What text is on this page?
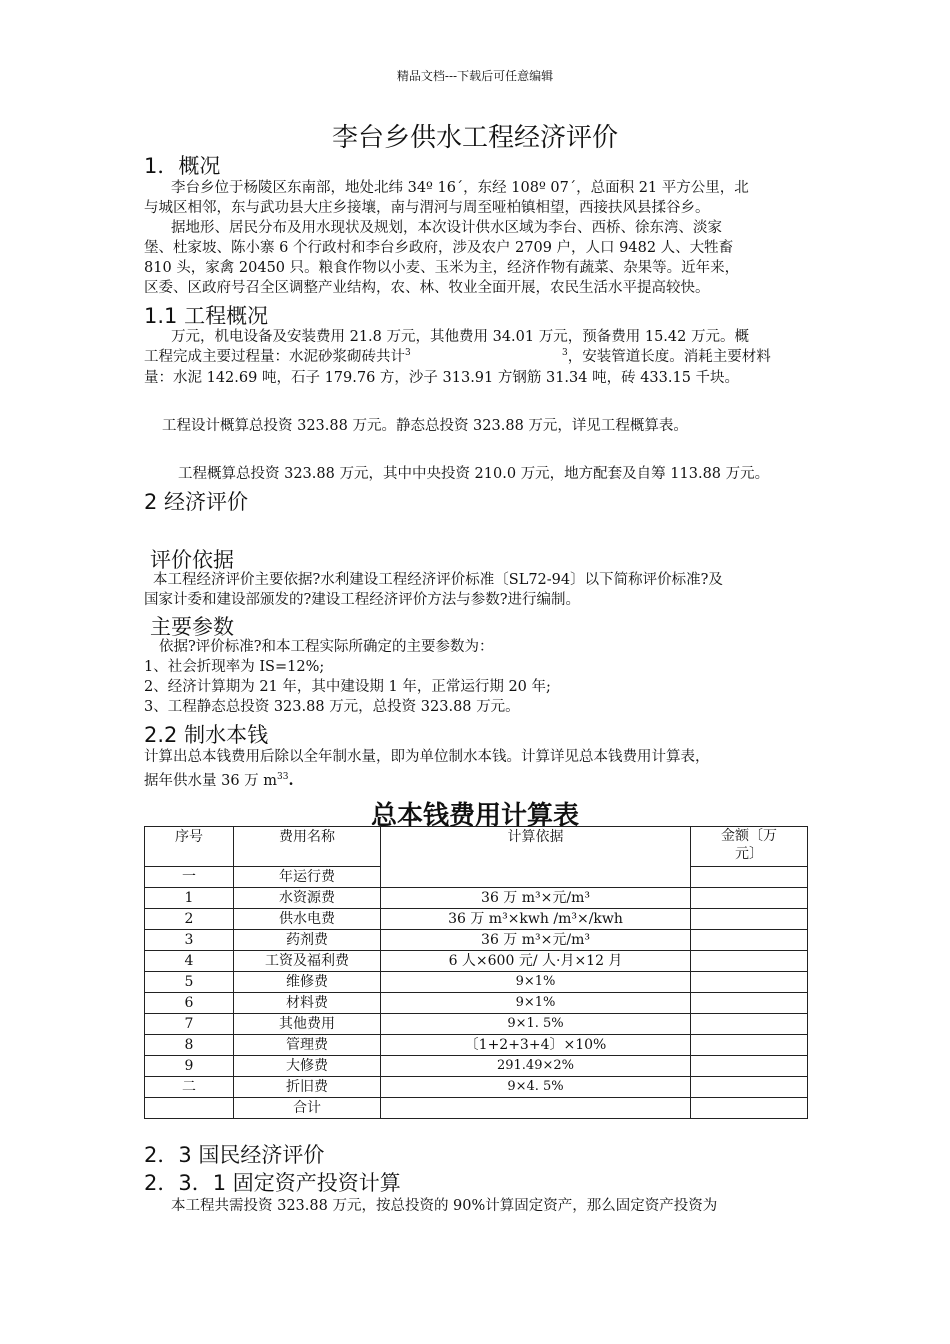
精品文档---下载后可任意编辑
李台乡供水工程经济评价
1．概况
李台乡位于杨陵区东南部，地处北纬 34º 16´，东经 108º 07´，总面积 21 平方公里，北
与城区相邻，东与武功县大庄乡接壤，南与渭河与周至哑柏镇相望，西接扶风县揉谷乡。
据地形、居民分布及用水现状及规划，本次设计供水区域为李台、西桥、徐东湾、淡家
堡、杜家坡、陈小寨 6 个行政村和李台乡政府，涉及农户 2709 户，人口 9482 人、大牲畜
810 头，家禽 20450 只。粮食作物以小麦、玉米为主，经济作物有蔬菜、杂果等。近年来，
区委、区政府号召全区调整产业结构，农、林、牧业全面开展，农民生活水平提高较快。
1.1 工程概况
万元，机电设备及安装费用 21.8 万元，其他费用 34.01 万元，预备费用 15.42 万元。概
工程完成主要过程量：水泥砂浆砌砖共计$^3$	$^3$，安装管道长度。消耗主要材料
量：水泥 142.69 吨，石子 179.76 方，沙子 313.91 方钢筋 31.34 吨，砖 433.15 千块。
工程设计概算总投资 323.88 万元。静态总投资 323.88 万元，详见工程概算表。
工程概算总投资 323.88 万元，其中中央投资 210.0 万元，地方配套及自筹 113.88 万元。
2 经济评价
评价依据
本工程经济评价主要依据?水利建设工程经济评价标准〔SL72-94〕以下简称评价标准?及
国家计委和建设部颁发的?建设工程经济评价方法与参数?进行编制。
主要参数
依据?评价标准?和本工程实际所确定的主要参数为：
1、社会折现率为 IS=12%;
2、经济计算期为 21 年，其中建设期 1 年，正常运行期 20 年;
3、工程静态总投资 323.88 万元，总投资 323.88 万元。
2.2 制水本钱
计算出总本钱费用后除以全年制水量，即为单位制水本钱。计算详见总本钱费用计算表，
据年供水量 36 万 $m^{33}$.
总本钱费用计算表
序号	费用名称	计算依据	金额〔万
元〕
一	年运行费		
1	水资源费	36 万 m³×元/m³	
2	供水电费	36 万 m³×kwh /m³×/kwh	
3	药剂费	36 万 m³×元/m³	
4	工资及福利费	6 人×600 元/ 人·月×12 月	
5	维修费	9×1%	
6	材料费	9×1%	
7	其他费用	9×1. 5%	
8	管理费	〔1+2+3+4〕×10%	
9	大修费	291.49×2%	
二	折旧费	9×4. 5%	
	合计		
2．3 国民经济评价
2．3．1 固定资产投资计算
本工程共需投资 323.88 万元，按总投资的 90%计算固定资产，那么固定资产投资为
